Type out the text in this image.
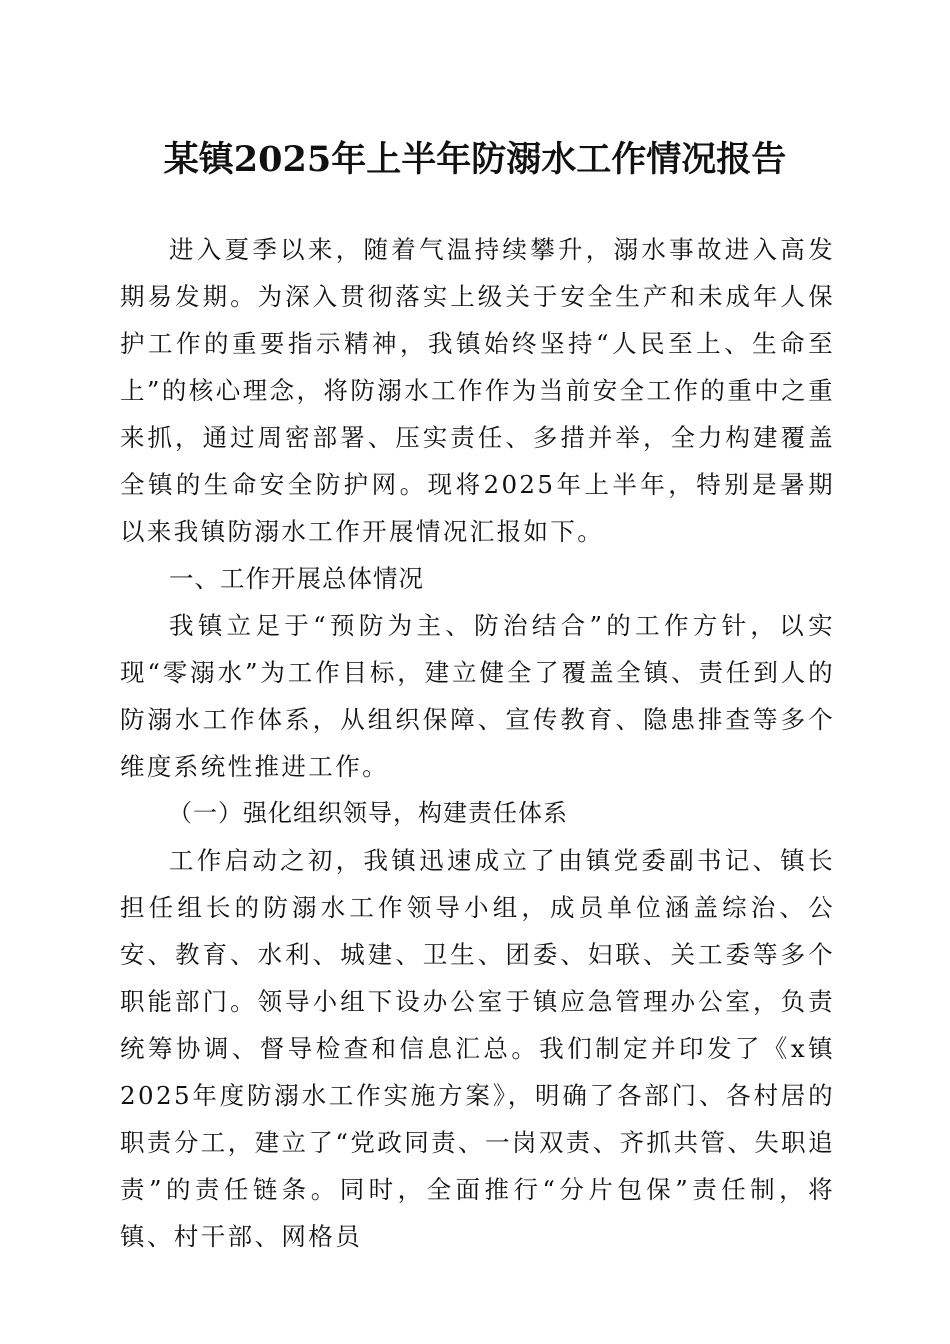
某镇2025年上半年防溺水工作情况报告

进入夏季以来，随着气温持续攀升，溺水事故进入高发期易发期。为深入贯彻落实上级关于安全生产和未成年人保护工作的重要指示精神，我镇始终坚持“人民至上、生命至上”的核心理念，将防溺水工作作为当前安全工作的重中之重来抓，通过周密部署、压实责任、多措并举，全力构建覆盖全镇的生命安全防护网。现将2025年上半年，特别是暑期以来我镇防溺水工作开展情况汇报如下。

一、工作开展总体情况

我镇立足于“预防为主、防治结合”的工作方针，以实现“零溺水”为工作目标，建立健全了覆盖全镇、责任到人的防溺水工作体系，从组织保障、宣传教育、隐患排查等多个维度系统性推进工作。

（一）强化组织领导，构建责任体系

工作启动之初，我镇迅速成立了由镇党委副书记、镇长担任组长的防溺水工作领导小组，成员单位涵盖综治、公安、教育、水利、城建、卫生、团委、妇联、关工委等多个职能部门。领导小组下设办公室于镇应急管理办公室，负责统筹协调、督导检查和信息汇总。我们制定并印发了《x镇2025年度防溺水工作实施方案》，明确了各部门、各村居的职责分工，建立了“党政同责、一岗双责、齐抓共管、失职追责”的责任链条。同时，全面推行“分片包保”责任制，将镇、村干部、网格员
